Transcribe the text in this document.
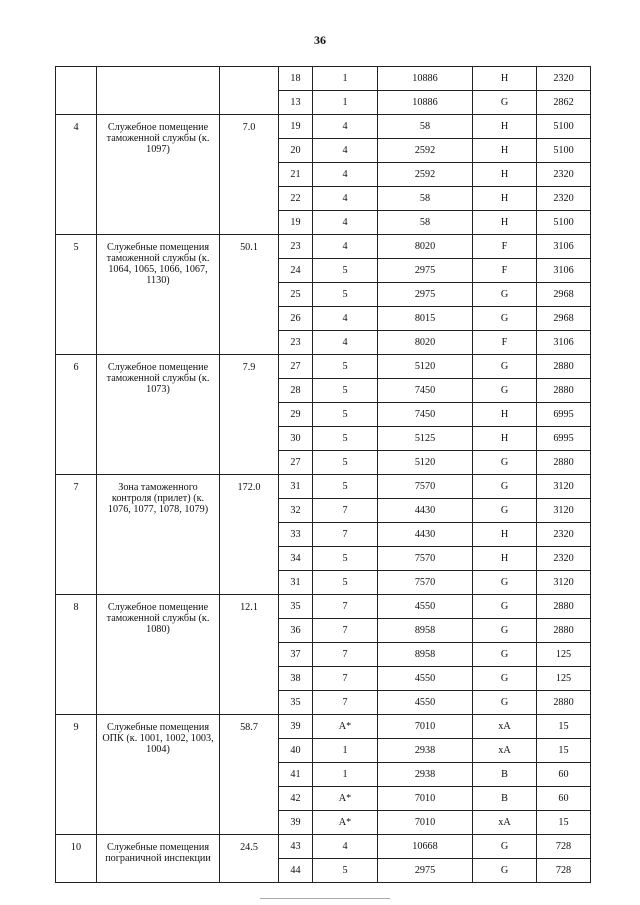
36
			18	1	10886	H	2320
			13	1	10886	G	2862
4	Служебное помещение таможенной службы (к. 1097)	7.0	19	4	58	H	5100
			20	4	2592	H	5100
			21	4	2592	H	2320
			22	4	58	H	2320
			19	4	58	H	5100
5	Служебные помещения таможенной службы (к. 1064, 1065, 1066, 1067, 1130)	50.1	23	4	8020	F	3106
			24	5	2975	F	3106
			25	5	2975	G	2968
			26	4	8015	G	2968
			23	4	8020	F	3106
6	Служебное помещение таможенной службы (к. 1073)	7.9	27	5	5120	G	2880
			28	5	7450	G	2880
			29	5	7450	H	6995
			30	5	5125	H	6995
			27	5	5120	G	2880
7	Зона таможенного контроля (прилет) (к. 1076, 1077, 1078, 1079)	172.0	31	5	7570	G	3120
			32	7	4430	G	3120
			33	7	4430	H	2320
			34	5	7570	H	2320
			31	5	7570	G	3120
8	Служебное помещение таможенной службы (к. 1080)	12.1	35	7	4550	G	2880
			36	7	8958	G	2880
			37	7	8958	G	125
			38	7	4550	G	125
			35	7	4550	G	2880
9	Служебные помещения ОПК (к. 1001, 1002, 1003, 1004)	58.7	39	A*	7010	xA	15
			40	1	2938	xA	15
			41	1	2938	B	60
			42	A*	7010	B	60
			39	A*	7010	xA	15
10	Служебные помещения пограничной инспекции	24.5	43	4	10668	G	728
			44	5	2975	G	728
